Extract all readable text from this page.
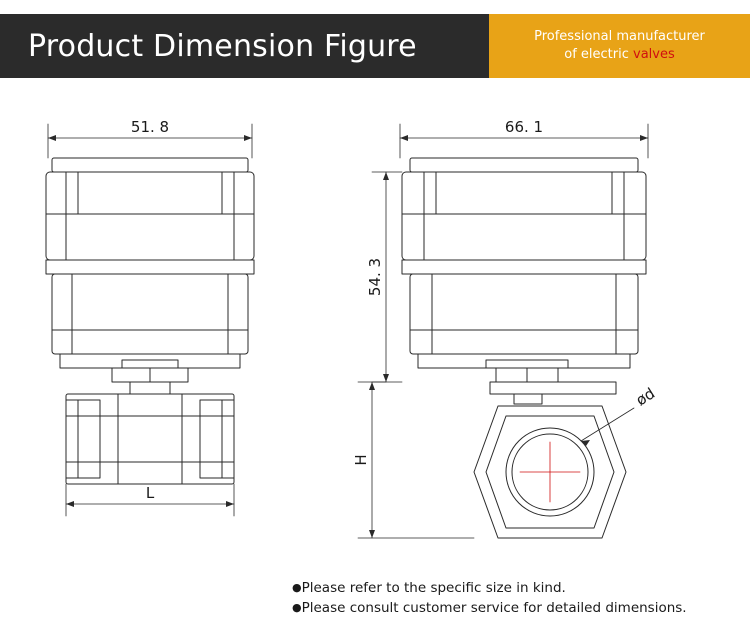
Product Dimension Figure	Professional manufacturer
of electric valves
51. 8
L
66. 1
54. 3
H
ød
●Please refer to the specific size in kind.
●Please consult customer service for detailed dimensions.
